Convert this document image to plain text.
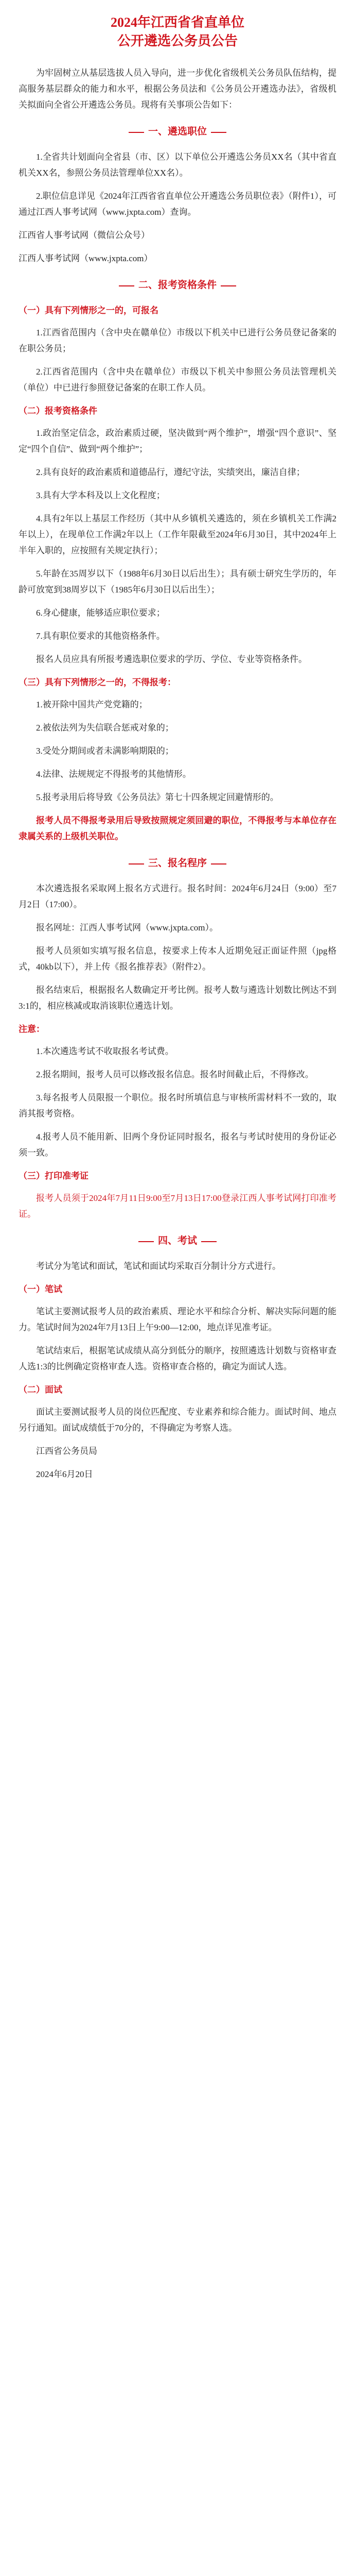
2024年江西省省直单位
公开遴选公务员公告

为牢固树立从基层选拔人员入导向，进一步优化省级机关公务员队伍结构，提高服务基层群众的能力和水平，根据公务员法和《公务员公开遴选办法》，省级机关拟面向全省公开遴选公务员。现将有关事项公告如下：

一、遴选职位

1.全省共计划面向全省县（市、区）以下单位公开遴选公务员XX名（其中省直机关XX名，参照公务员法管理单位XX名）。

2.职位信息详见《2024年江西省省直单位公开遴选公务员职位表》（附件1），可通过江西人事考试网（www.jxpta.com）查询。

江西省人事考试网（微信公众号）

江西人事考试网（www.jxpta.com）

二、报考资格条件
（一）具有下列情形之一的，可报名

1.江西省范围内（含中央在赣单位）市级以下机关中已进行公务员登记备案的在职公务员；

2.江西省范围内（含中央在赣单位）市级以下机关中参照公务员法管理机关（单位）中已进行参照登记备案的在职工作人员。

（二）报考资格条件

1.政治坚定信念，政治素质过硬，坚决做到“两个维护”，增强“四个意识”、坚定“四个自信”、做到“两个维护”；

2.具有良好的政治素质和道德品行，遵纪守法，实绩突出，廉洁自律；

3.具有大学本科及以上文化程度；

4.具有2年以上基层工作经历（其中从乡镇机关遴选的，须在乡镇机关工作满2年以上），在现单位工作满2年以上（工作年限截至2024年6月30日，其中2024年上半年入职的，应按照有关规定执行）；

5.年龄在35周岁以下（1988年6月30日以后出生）；具有硕士研究生学历的，年龄可放宽到38周岁以下（1985年6月30日以后出生）；

6.身心健康，能够适应职位要求；

7.具有职位要求的其他资格条件。

报名人员应具有所报考遴选职位要求的学历、学位、专业等资格条件。

（三）具有下列情形之一的，不得报考：

1.被开除中国共产党党籍的；

2.被依法列为失信联合惩戒对象的；

3.受处分期间或者未满影响期限的；

4.法律、法规规定不得报考的其他情形。

5.报考录用后将导致《公务员法》第七十四条规定回避情形的。

报考人员不得报考录用后导致按照规定须回避的职位，不得报考与本单位存在隶属关系的上级机关职位。

三、报名程序

本次遴选报名采取网上报名方式进行。报名时间：2024年6月24日（9:00）至7月2日（17:00）。

报名网址：江西人事考试网（www.jxpta.com）。

报考人员须如实填写报名信息，按要求上传本人近期免冠正面证件照（jpg格式，40kb以下），并上传《报名推荐表》（附件2）。

报名结束后，根据报名人数确定开考比例。报考人数与遴选计划数比例达不到3:1的，相应核减或取消该职位遴选计划。

注意：

1.本次遴选考试不收取报名考试费。

2.报名期间，报考人员可以修改报名信息。报名时间截止后，不得修改。

3.每名报考人员限报一个职位。报名时所填信息与审核所需材料不一致的，取消其报考资格。

4.报考人员不能用新、旧两个身份证同时报名，报名与考试时使用的身份证必须一致。

（三）打印准考证

报考人员须于2024年7月11日9:00至7月13日17:00登录江西人事考试网打印准考证。

四、考试

考试分为笔试和面试，笔试和面试均采取百分制计分方式进行。

（一）笔试

笔试主要测试报考人员的政治素质、理论水平和综合分析、解决实际问题的能力。笔试时间为2024年7月13日上午9:00—12:00，地点详见准考证。

笔试结束后，根据笔试成绩从高分到低分的顺序，按照遴选计划数与资格审查人选1:3的比例确定资格审查人选。资格审查合格的，确定为面试人选。

（二）面试

面试主要测试报考人员的岗位匹配度、专业素养和综合能力。面试时间、地点另行通知。面试成绩低于70分的，不得确定为考察人选。

江西省公务员局

2024年6月20日
